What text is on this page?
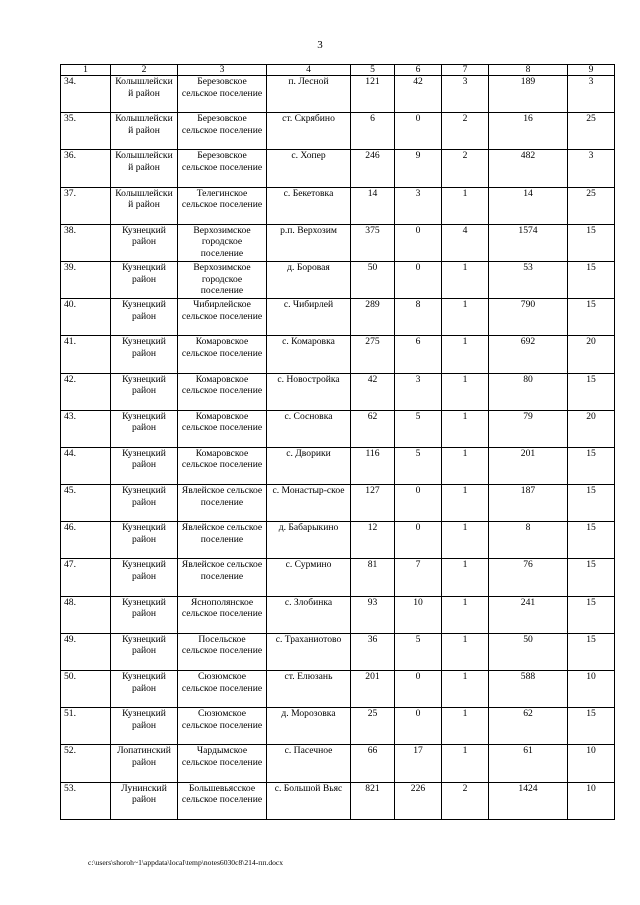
3
1	2	3	4	5	6	7	8	9
34.	Колышлейский район	Березовское сельское поселение	п. Лесной	121	42	3	189	3
35.	Колышлейский район	Березовское сельское поселение	ст. Скрябино	6	0	2	16	25
36.	Колышлейский район	Березовское сельское поселение	с. Хопер	246	9	2	482	3
37.	Колышлейский район	Телегинское сельское поселение	с. Бекетовка	14	3	1	14	25
38.	Кузнецкий район	Верхозимское городское поселение	р.п. Верхозим	375	0	4	1574	15
39.	Кузнецкий район	Верхозимское городское поселение	д. Боровая	50	0	1	53	15
40.	Кузнецкий район	Чибирлейское сельское поселение	с. Чибирлей	289	8	1	790	15
41.	Кузнецкий район	Комаровское сельское поселение	с. Комаровка	275	6	1	692	20
42.	Кузнецкий район	Комаровское сельское поселение	с. Новостройка	42	3	1	80	15
43.	Кузнецкий район	Комаровское сельское поселение	с. Сосновка	62	5	1	79	20
44.	Кузнецкий район	Комаровское сельское поселение	с. Дворики	116	5	1	201	15
45.	Кузнецкий район	Явлейское сельское поселение	с. Монастыр-ское	127	0	1	187	15
46.	Кузнецкий район	Явлейское сельское поселение	д. Бабарыкино	12	0	1	8	15
47.	Кузнецкий район	Явлейское сельское поселение	с. Сурмино	81	7	1	76	15
48.	Кузнецкий район	Яснополянское сельское поселение	с. Злобинка	93	10	1	241	15
49.	Кузнецкий район	Посельское сельское поселение	с. Траханиотово	36	5	1	50	15
50.	Кузнецкий район	Сюзюмское сельское поселение	ст. Елюзань	201	0	1	588	10
51.	Кузнецкий район	Сюзюмское сельское поселение	д. Морозовка	25	0	1	62	15
52.	Лопатинский район	Чардымское сельское поселение	с. Пасечное	66	17	1	61	10
53.	Лунинский район	Большевьясское сельское поселение	с. Большой Вьяс	821	226	2	1424	10
c:\users\shoroh~1\appdata\local\temp\notes6030c8\214-пп.docx
